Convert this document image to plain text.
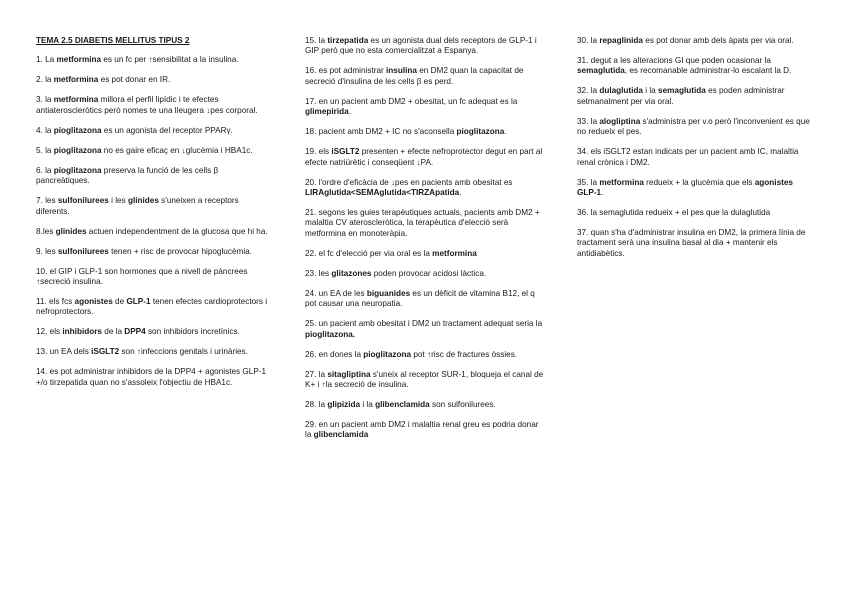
TEMA 2.5 DIABETIS MELLITUS TIPUS 2
1. La metformina es un fc per ↑sensibilitat a la insulina.
2. la metformina es pot donar en IR.
3. la metformina millora el perfil lipídic i te efectes antiateroscleròtics però nomes te una lleugera ↓pes corporal.
4. la pioglitazona es un agonista del receptor PPARγ.
5. la pioglitazona no es gaire eficaç en ↓glucèmia i HBA1c.
6. la pioglitazona preserva la funció de les cells β pancreàtiques.
7. les sulfonilurees i les glinides s'uneixen a receptors diferents.
8.les glinides actuen independentment de la glucosa que hi ha.
9. les sulfonilurees tenen + risc de provocar hipoglucèmia.
10. el GIP i GLP-1 son hormones que a nivell de pàncrees ↑secreció insulina.
11. els fcs agonistes de GLP-1 tenen efectes cardioprotectors i nefroprotectors.
12. els inhibidors de la DPP4 son inhibidors incretínics.
13. un EA dels iSGLT2 son ↑infeccions genitals i urinàries.
14. es pot administrar inhibidors de la DPP4 + agonistes GLP-1 +/o tirzepatida quan no s'assoleix l'objectiu de HBA1c.
15. la tirzepatida es un agonista dual dels receptors de GLP-1 i GIP però que no esta comercialitzat a Espanya.
16. es pot administrar insulina en DM2 quan la capacitat de secreció d'insulina de les cells β es perd.
17. en un pacient amb DM2 + obesitat, un fc adequat es la glimepirida.
18. pacient amb DM2 + IC no s'aconsella pioglitazona.
19. els iSGLT2 presenten + efecte nefroprotector degut en part al efecte natriürètic i conseqüent ↓PA.
20. l'ordre d'eficàcia de ↓pes en pacients amb obesitat es LIRAglutida<SEMAglutida<TIRZApatida.
21. segons les guies terapèutiques actuals, pacients amb DM2 + malaltia CV ateroscleròtica, la terapèutica d'elecció serà metformina en monoteràpia.
22. el fc d'elecció per via oral es la metformina
23. les glitazones poden provocar acidosi làctica.
24. un EA de les biguanides es un dèficit de vitamina B12, el q pot causar una neuropatia.
25. un pacient amb obesitat i DM2 un tractament adequat seria la pioglitazona.
26. en dones la pioglitazona pot ↑risc de fractures òssies.
27. la sitagliptina s'uneix al receptor SUR-1, bloqueja el canal de K+ i ↑la secreció de insulina.
28. la glipizida i la glibenclamida son sulfonilurees.
29. en un pacient amb DM2 i malaltia renal greu es podria donar la glibenclamida
30. la repaglinida es pot donar amb dels àpats per via oral.
31. degut a les alteracions GI que poden ocasionar la semaglutida, es recomanable administrar-lo escalant la D.
32. la dulaglutida i la semaglutida es poden administrar setmanalment per via oral.
33. la alogliptina s'administra per v.o però l'inconvenient es que no redueix el pes.
34. els iSGLT2 estan indicats per un pacient amb IC, malaltia renal crònica i DM2.
35. la metformina redueix + la glucèmia que els agonistes GLP-1.
36. la semaglutida redueix + el pes que la dulaglutida
37. quan s'ha d'administrar insulina en DM2, la primera línia de tractament serà una insulina basal al dia + mantenir els antidiabètics.
